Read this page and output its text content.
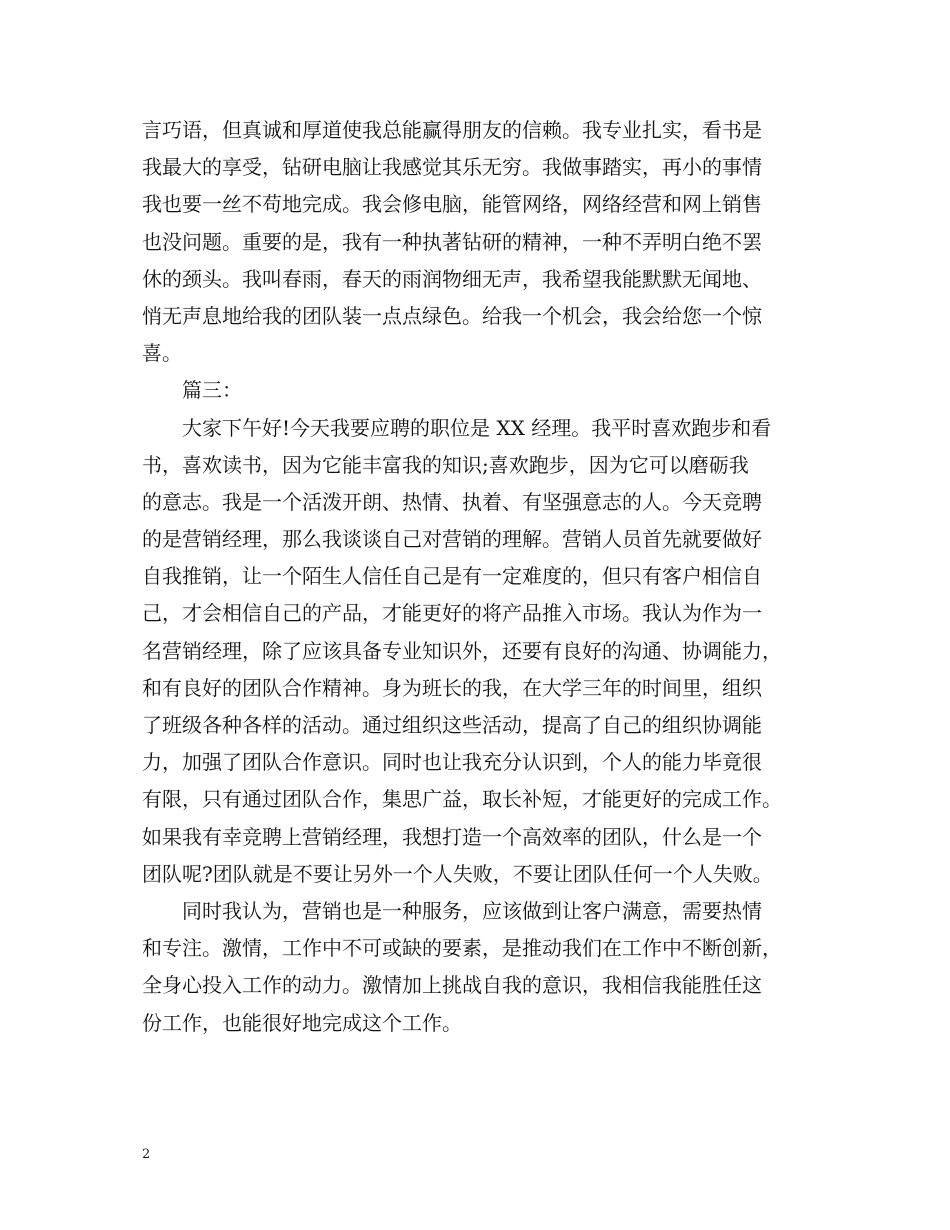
言巧语，但真诚和厚道使我总能赢得朋友的信赖。我专业扎实，看书是
我最大的享受，钻研电脑让我感觉其乐无穷。我做事踏实，再小的事情
我也要一丝不苟地完成。我会修电脑，能管网络，网络经营和网上销售
也没问题。重要的是，我有一种执著钻研的精神，一种不弄明白绝不罢
休的颈头。我叫春雨，春天的雨润物细无声，我希望我能默默无闻地、
悄无声息地给我的团队装一点点绿色。给我一个机会，我会给您一个惊
喜。
篇三：
大家下午好!今天我要应聘的职位是 XX 经理。我平时喜欢跑步和看
书，喜欢读书，因为它能丰富我的知识;喜欢跑步，因为它可以磨砺我
的意志。我是一个活泼开朗、热情、执着、有坚强意志的人。今天竞聘
的是营销经理，那么我谈谈自己对营销的理解。营销人员首先就要做好
自我推销，让一个陌生人信任自己是有一定难度的，但只有客户相信自
己，才会相信自己的产品，才能更好的将产品推入市场。我认为作为一
名营销经理，除了应该具备专业知识外，还要有良好的沟通、协调能力，
和有良好的团队合作精神。身为班长的我，在大学三年的时间里，组织
了班级各种各样的活动。通过组织这些活动，提高了自己的组织协调能
力，加强了团队合作意识。同时也让我充分认识到，个人的能力毕竟很
有限，只有通过团队合作，集思广益，取长补短，才能更好的完成工作。
如果我有幸竞聘上营销经理，我想打造一个高效率的团队，什么是一个
团队呢?团队就是不要让另外一个人失败，不要让团队任何一个人失败。
同时我认为，营销也是一种服务，应该做到让客户满意，需要热情
和专注。激情，工作中不可或缺的要素，是推动我们在工作中不断创新，
全身心投入工作的动力。激情加上挑战自我的意识，我相信我能胜任这
份工作，也能很好地完成这个工作。
2
